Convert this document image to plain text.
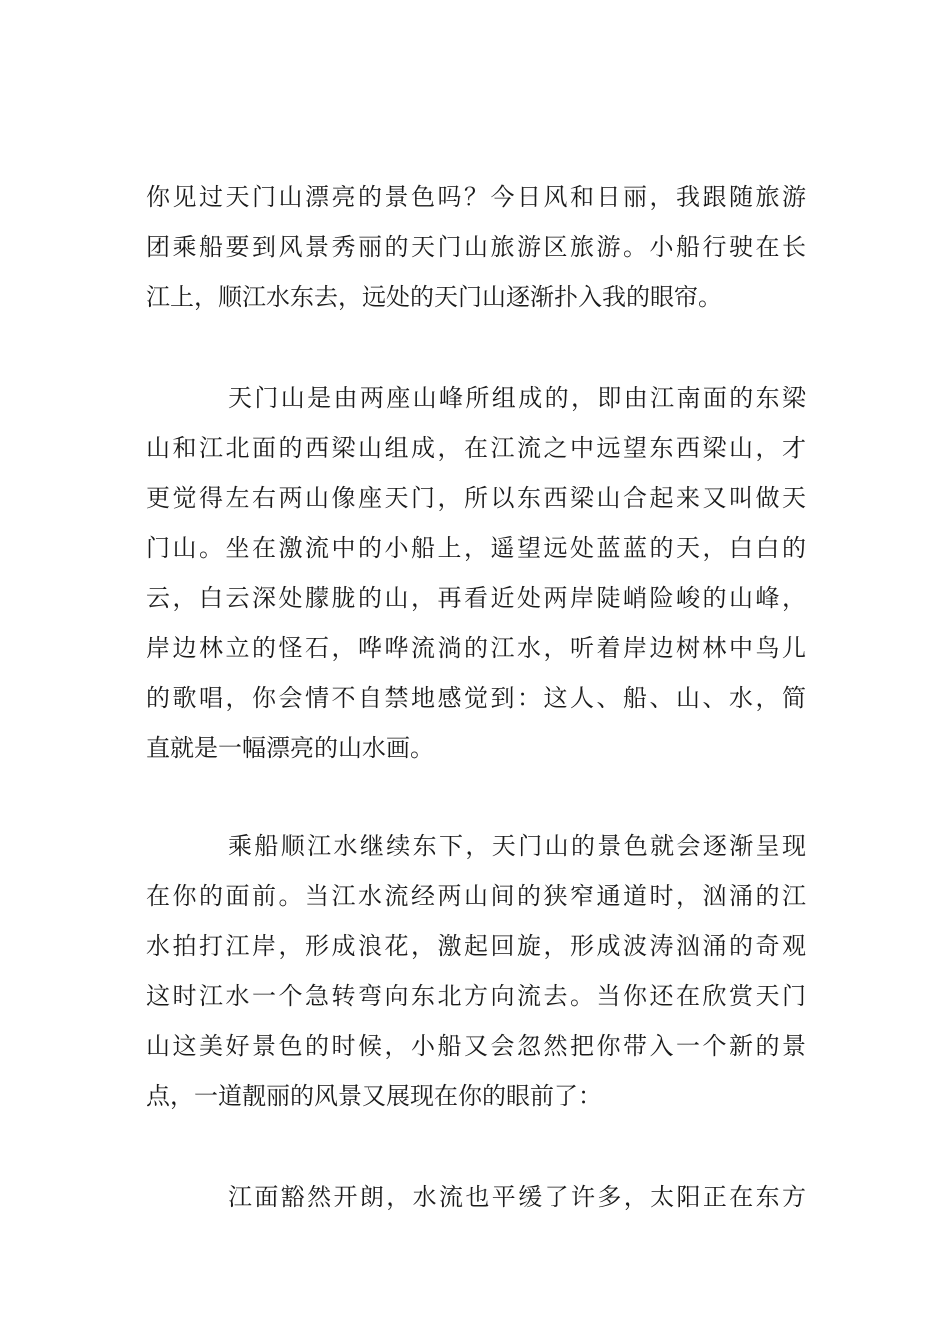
你见过天门山漂亮的景色吗？今日风和日丽，我跟随旅游
团乘船要到风景秀丽的天门山旅游区旅游。小船行驶在长
江上，顺江水东去，远处的天门山逐渐扑入我的眼帘。
天门山是由两座山峰所组成的，即由江南面的东梁
山和江北面的西梁山组成，在江流之中远望东西梁山，才
更觉得左右两山像座天门，所以东西梁山合起来又叫做天
门山。坐在激流中的小船上，遥望远处蓝蓝的天，白白的
云，白云深处朦胧的山，再看近处两岸陡峭险峻的山峰，
岸边林立的怪石，哗哗流淌的江水，听着岸边树林中鸟儿
的歌唱，你会情不自禁地感觉到：这人、船、山、水，简
直就是一幅漂亮的山水画。
乘船顺江水继续东下，天门山的景色就会逐渐呈现
在你的面前。当江水流经两山间的狭窄通道时，汹涌的江
水拍打江岸，形成浪花，激起回旋，形成波涛汹涌的奇观
这时江水一个急转弯向东北方向流去。当你还在欣赏天门
山这美好景色的时候，小船又会忽然把你带入一个新的景
点，一道靓丽的风景又展现在你的眼前了：
江面豁然开朗，水流也平缓了许多，太阳正在东方
